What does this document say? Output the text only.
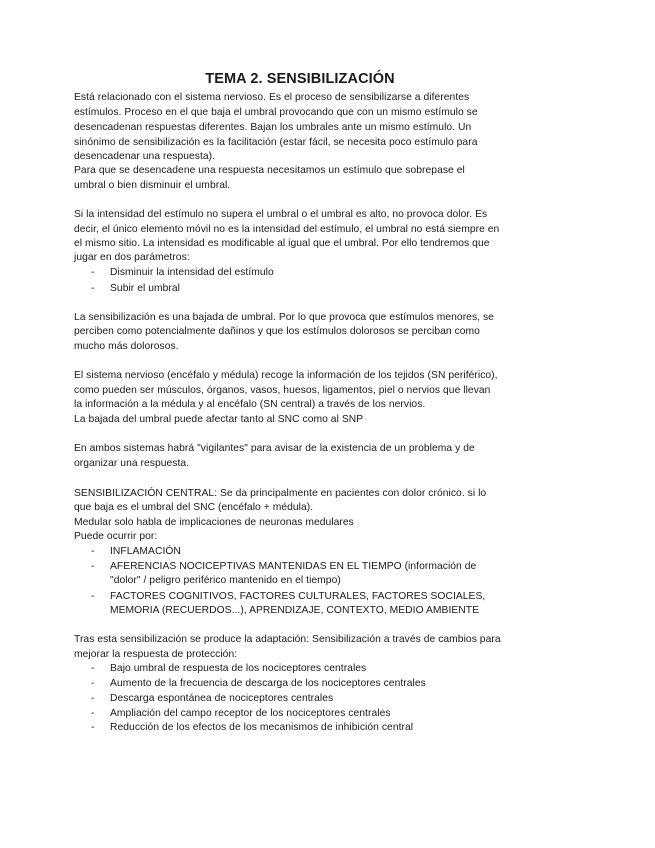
TEMA 2. SENSIBILIZACIÓN
Está relacionado con el sistema nervioso. Es el proceso de sensibilizarse a diferentes
estímulos. Proceso en el que baja el umbral provocando que con un mismo estímulo se
desencadenan respuestas diferentes. Bajan los umbrales ante un mismo estímulo. Un
sinónimo de sensibilización es la facilitación (estar fácil, se necesita poco estímulo para
desencadenar una respuesta).
Para que se desencadene una respuesta necesitamos un estímulo que sobrepase el
umbral o bien disminuir el umbral.
Si la intensidad del estímulo no supera el umbral o el umbral es alto, no provoca dolor. Es
decir, el único elemento móvil no es la intensidad del estímulo, el umbral no está siempre en
el mismo sitio. La intensidad es modificable al igual que el umbral. Por ello tendremos que
jugar en dos parámetros:
- Disminuir la intensidad del estímulo
- Subir el umbral
La sensibilización es una bajada de umbral. Por lo que provoca que estímulos menores, se
perciben como potencialmente dañinos y que los estímulos dolorosos se perciban como
mucho más dolorosos.
El sistema nervioso (encéfalo y médula) recoge la información de los tejidos (SN periférico),
como pueden ser músculos, órganos, vasos, huesos, ligamentos, piel o nervios que llevan
la información a la médula y al encéfalo (SN central) a través de los nervios.
La bajada del umbral puede afectar tanto al SNC como al SNP
En ambos sistemas habrá "vigilantes" para avisar de la existencia de un problema y de
organizar una respuesta.
SENSIBILIZACIÓN CENTRAL: Se da principalmente en pacientes con dolor crónico. si lo
que baja es el umbral del SNC (encéfalo + médula).
Medular solo habla de implicaciones de neuronas medulares
Puede ocurrir por:
- INFLAMACIÓN
- AFERENCIAS NOCICEPTIVAS MANTENIDAS EN EL TIEMPO (información de
"dolor" / peligro periférico mantenido en el tiempo)
- FACTORES COGNITIVOS, FACTORES CULTURALES, FACTORES SOCIALES,
MEMORIA (RECUERDOS...), APRENDIZAJE, CONTEXTO, MEDIO AMBIENTE
Tras esta sensibilización se produce la adaptación: Sensibilización a través de cambios para
mejorar la respuesta de protección:
- Bajo umbral de respuesta de los nociceptores centrales
- Aumento de la frecuencia de descarga de los nociceptores centrales
- Descarga espontánea de nociceptores centrales
- Ampliación del campo receptor de los nociceptores centrales
- Reducción de los efectos de los mecanismos de inhibición central
